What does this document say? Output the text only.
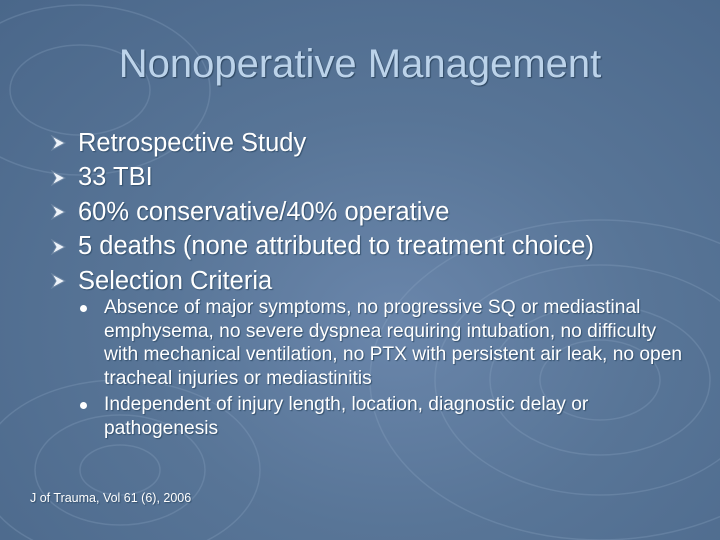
Nonoperative Management
Retrospective Study
33 TBI
60% conservative/40% operative
5 deaths (none attributed to treatment choice)
Selection Criteria
Absence of major symptoms, no progressive SQ or mediastinal emphysema, no severe dyspnea requiring intubation, no difficulty with mechanical ventilation, no PTX with persistent air leak, no open tracheal injuries or mediastinitis
Independent of injury length, location, diagnostic delay or pathogenesis
J of Trauma, Vol 61 (6), 2006
